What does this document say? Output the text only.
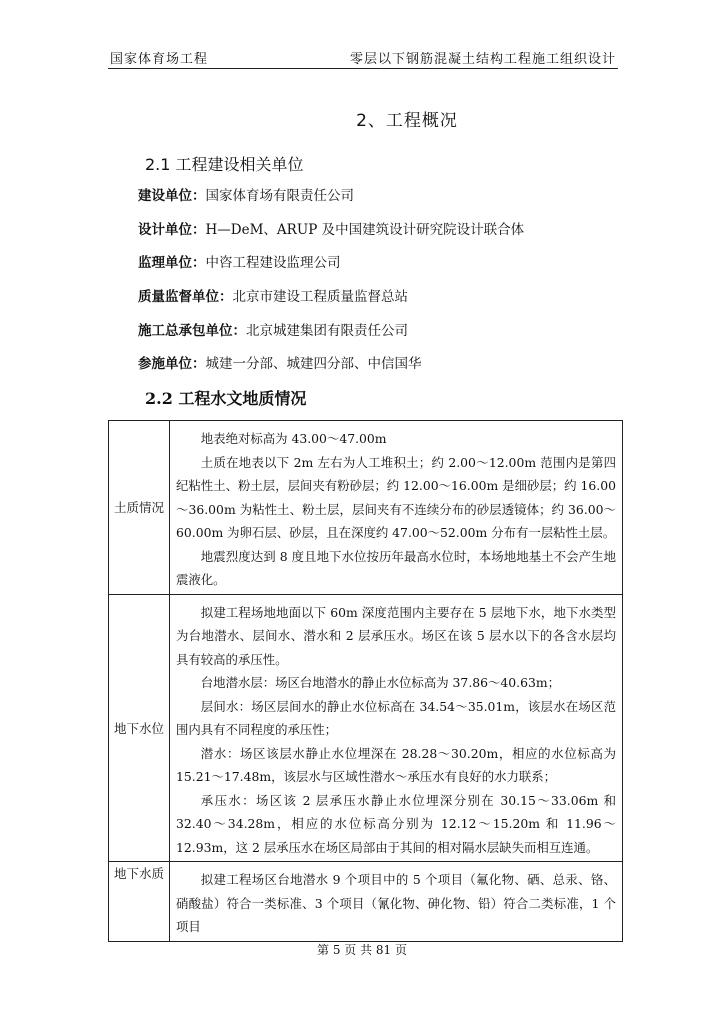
国家体育场工程	零层以下钢筋混凝土结构工程施工组织设计
2、工程概况
2.1 工程建设相关单位
建设单位：国家体育场有限责任公司
设计单位：H—DeM、ARUP 及中国建筑设计研究院设计联合体
监理单位：中咨工程建设监理公司
质量监督单位：北京市建设工程质量监督总站
施工总承包单位：北京城建集团有限责任公司
参施单位：城建一分部、城建四分部、中信国华
2.2 工程水文地质情况
土质情况	地表绝对标高为 43.00～47.00m

土质在地表以下 2m 左右为人工堆积土；约 2.00～12.00m 范围内是第四纪粘性土、粉土层，层间夹有粉砂层；约 12.00～16.00m 是细砂层；约 16.00～36.00m 为粘性土、粉土层，层间夹有不连续分布的砂层透镜体；约 36.00～60.00m 为卵石层、砂层，且在深度约 47.00～52.00m 分布有一层粘性土层。

地震烈度达到 8 度且地下水位按历年最高水位时，本场地地基土不会产生地震液化。

地下水位	拟建工程场地地面以下 60m 深度范围内主要存在 5 层地下水，地下水类型为台地潜水、层间水、潜水和 2 层承压水。场区在该 5 层水以下的各含水层均具有较高的承压性。

台地潜水层：场区台地潜水的静止水位标高为 37.86～40.63m；

层间水：场区层间水的静止水位标高在 34.54～35.01m，该层水在场区范围内具有不同程度的承压性；

潜水：场区该层水静止水位埋深在 28.28～30.20m，相应的水位标高为 15.21～17.48m，该层水与区域性潜水～承压水有良好的水力联系；

承压水：场区该 2 层承压水静止水位埋深分别在 30.15～33.06m 和 32.40～34.28m，相应的水位标高分别为 12.12～15.20m 和 11.96～12.93m，这 2 层承压水在场区局部由于其间的相对隔水层缺失而相互连通。

地下水质	拟建工程场区台地潜水 9 个项目中的 5 个项目（氟化物、硒、总汞、铬、硝酸盐）符合一类标准、3 个项目（氰化物、砷化物、铅）符合二类标准，1 个项目

第 5 页 共 81 页
